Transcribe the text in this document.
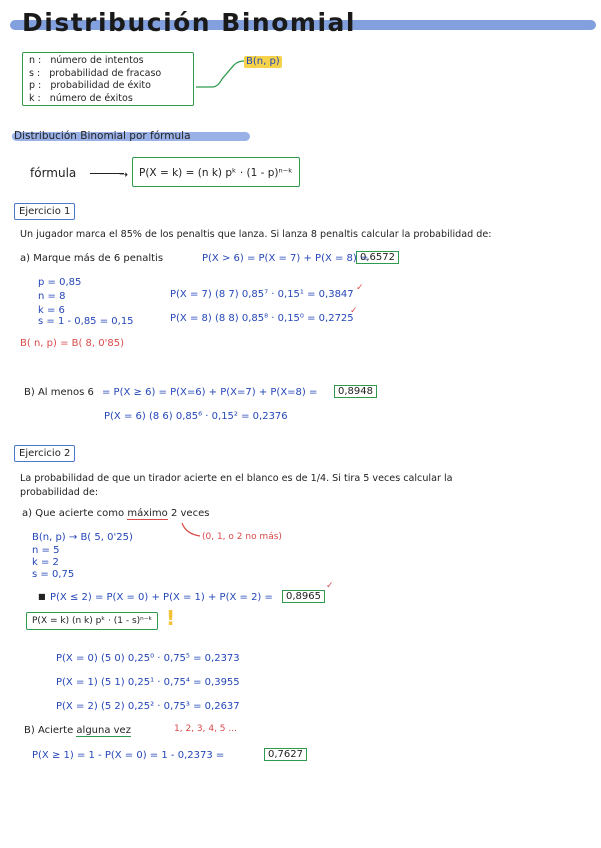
Distribución Binomial
n : número de intentos
s : probabilidad de fracaso
p : probabilidad de éxito
k : número de éxitos
B(n, p)
Distribución Binomial por fórmula
fórmula	➝	P(X = k) = (n k) pᵏ · (1 - p)ⁿ⁻ᵏ
Ejercicio 1
Un jugador marca el 85% de los penaltis que lanza. Si lanza 8 penaltis calcular la probabilidad de:
a) Marque más de 6 penaltis	P(X > 6) = P(X = 7) + P(X = 8) =
0,6572
p = 0,85
n = 8
k = 6
s = 1 - 0,85 = 0,15
P(X = 7) (8 7) 0,85⁷ · 0,15¹ = 0,3847
✓
P(X = 8) (8 8) 0,85⁸ · 0,15⁰ = 0,2725
✓
B( n, p) = B( 8, 0'85)
B) Al menos 6 = P(X ≥ 6) = P(X=6) + P(X=7) + P(X=8) =	0,8948
P(X = 6) (8 6) 0,85⁶ · 0,15² = 0,2376
Ejercicio 2
La probabilidad de que un tirador acierte en el blanco es de 1/4. Si tira 5 veces calcular la
probabilidad de:
a) Que acierte como máximo 2 veces
B(n, p) → B( 5, 0'25)	(0, 1, o 2 no más)
n = 5
k = 2
s = 0,75
■ P(X ≤ 2) = P(X = 0) + P(X = 1) + P(X = 2) =	0,8965
✓
P(X = k) (n k) pᵏ · (1 - s)ⁿ⁻ᵏ !
P(X = 0) (5 0) 0,25⁰ · 0,75⁵ = 0,2373
P(X = 1) (5 1) 0,25¹ · 0,75⁴ = 0,3955
P(X = 2) (5 2) 0,25² · 0,75³ = 0,2637
B) Acierte alguna vez	1, 2, 3, 4, 5 ...
P(X ≥ 1) = 1 - P(X = 0) = 1 - 0,2373 =	0,7627
